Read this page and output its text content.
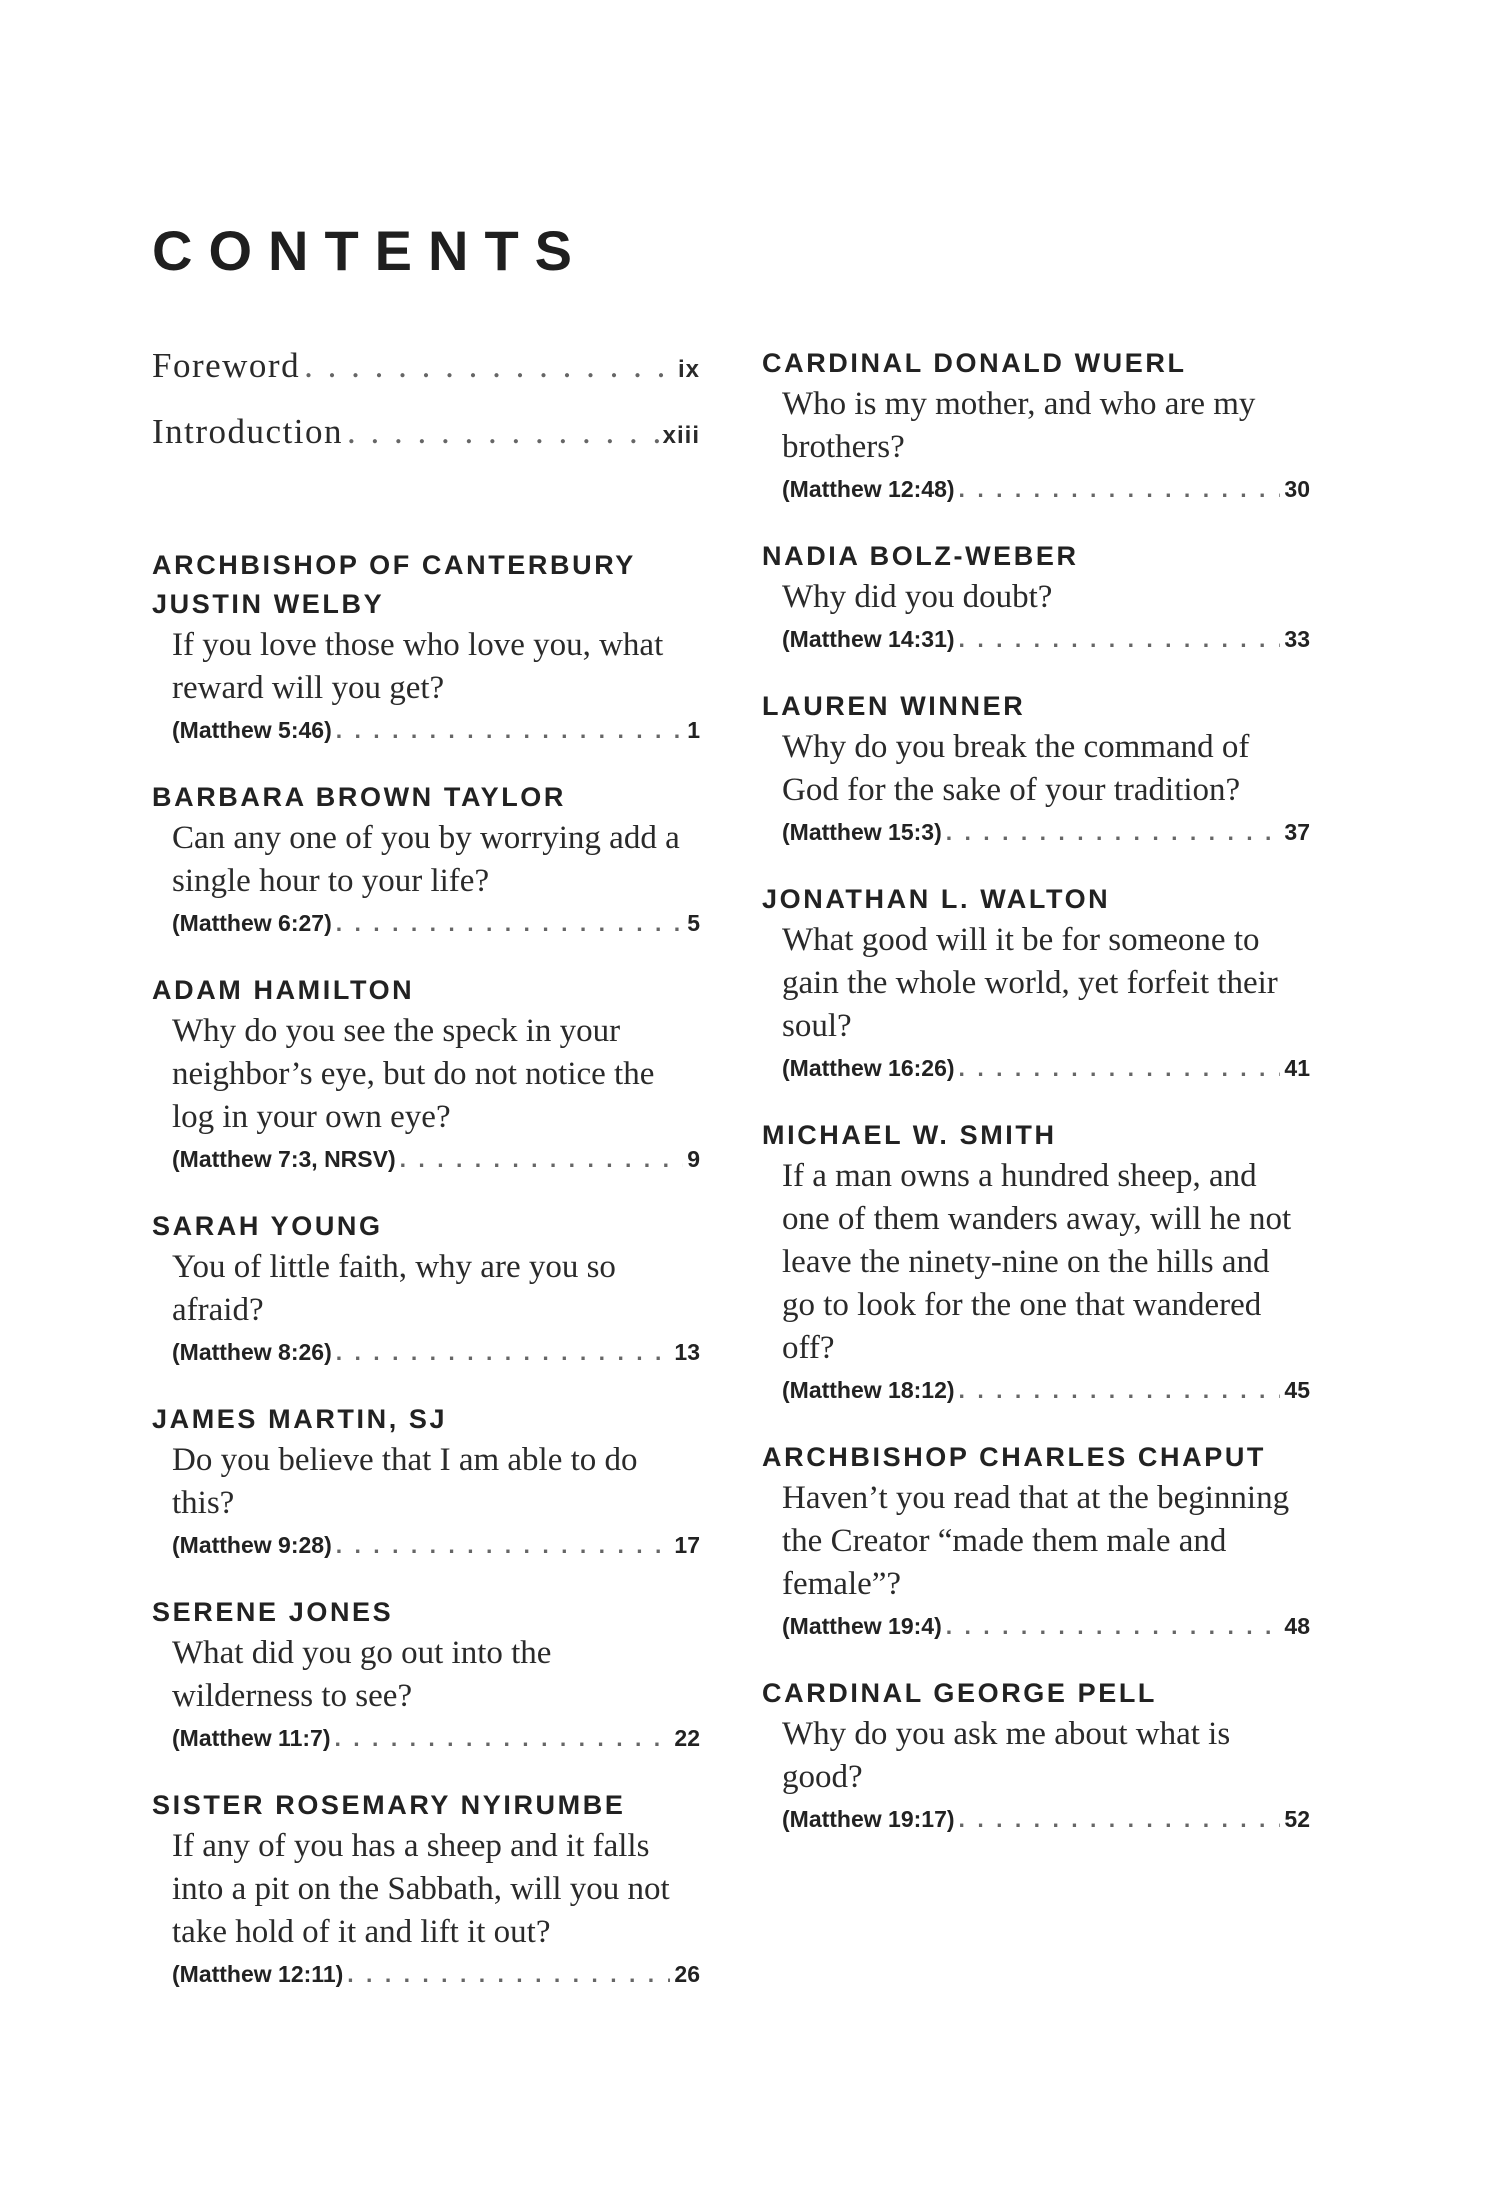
CONTENTS
Foreword . . .	ix
Introduction . . .	xiii
ARCHBISHOP OF CANTERBURY JUSTIN WELBY
If you love those who love you, what reward will you get?
(Matthew 5:46) . . .	1
BARBARA BROWN TAYLOR
Can any one of you by worrying add a single hour to your life?
(Matthew 6:27) . . .	5
ADAM HAMILTON
Why do you see the speck in your neighbor’s eye, but do not notice the log in your own eye?
(Matthew 7:3, NRSV) . . .	9
SARAH YOUNG
You of little faith, why are you so afraid?
(Matthew 8:26) . . .	13
JAMES MARTIN, SJ
Do you believe that I am able to do this?
(Matthew 9:28) . . .	17
SERENE JONES
What did you go out into the wilderness to see?
(Matthew 11:7) . . .	22
SISTER ROSEMARY NYIRUMBE
If any of you has a sheep and it falls into a pit on the Sabbath, will you not take hold of it and lift it out?
(Matthew 12:11) . . .	26
CARDINAL DONALD WUERL
Who is my mother, and who are my brothers?
(Matthew 12:48) . . .	30
NADIA BOLZ-WEBER
Why did you doubt?
(Matthew 14:31) . . .	33
LAUREN WINNER
Why do you break the command of God for the sake of your tradition?
(Matthew 15:3) . . .	37
JONATHAN L. WALTON
What good will it be for someone to gain the whole world, yet forfeit their soul?
(Matthew 16:26) . . .	41
MICHAEL W. SMITH
If a man owns a hundred sheep, and one of them wanders away, will he not leave the ninety-nine on the hills and go to look for the one that wandered off?
(Matthew 18:12) . . .	45
ARCHBISHOP CHARLES CHAPUT
Haven’t you read that at the beginning the Creator “made them male and female”?
(Matthew 19:4) . . .	48
CARDINAL GEORGE PELL
Why do you ask me about what is good?
(Matthew 19:17) . . .	52
